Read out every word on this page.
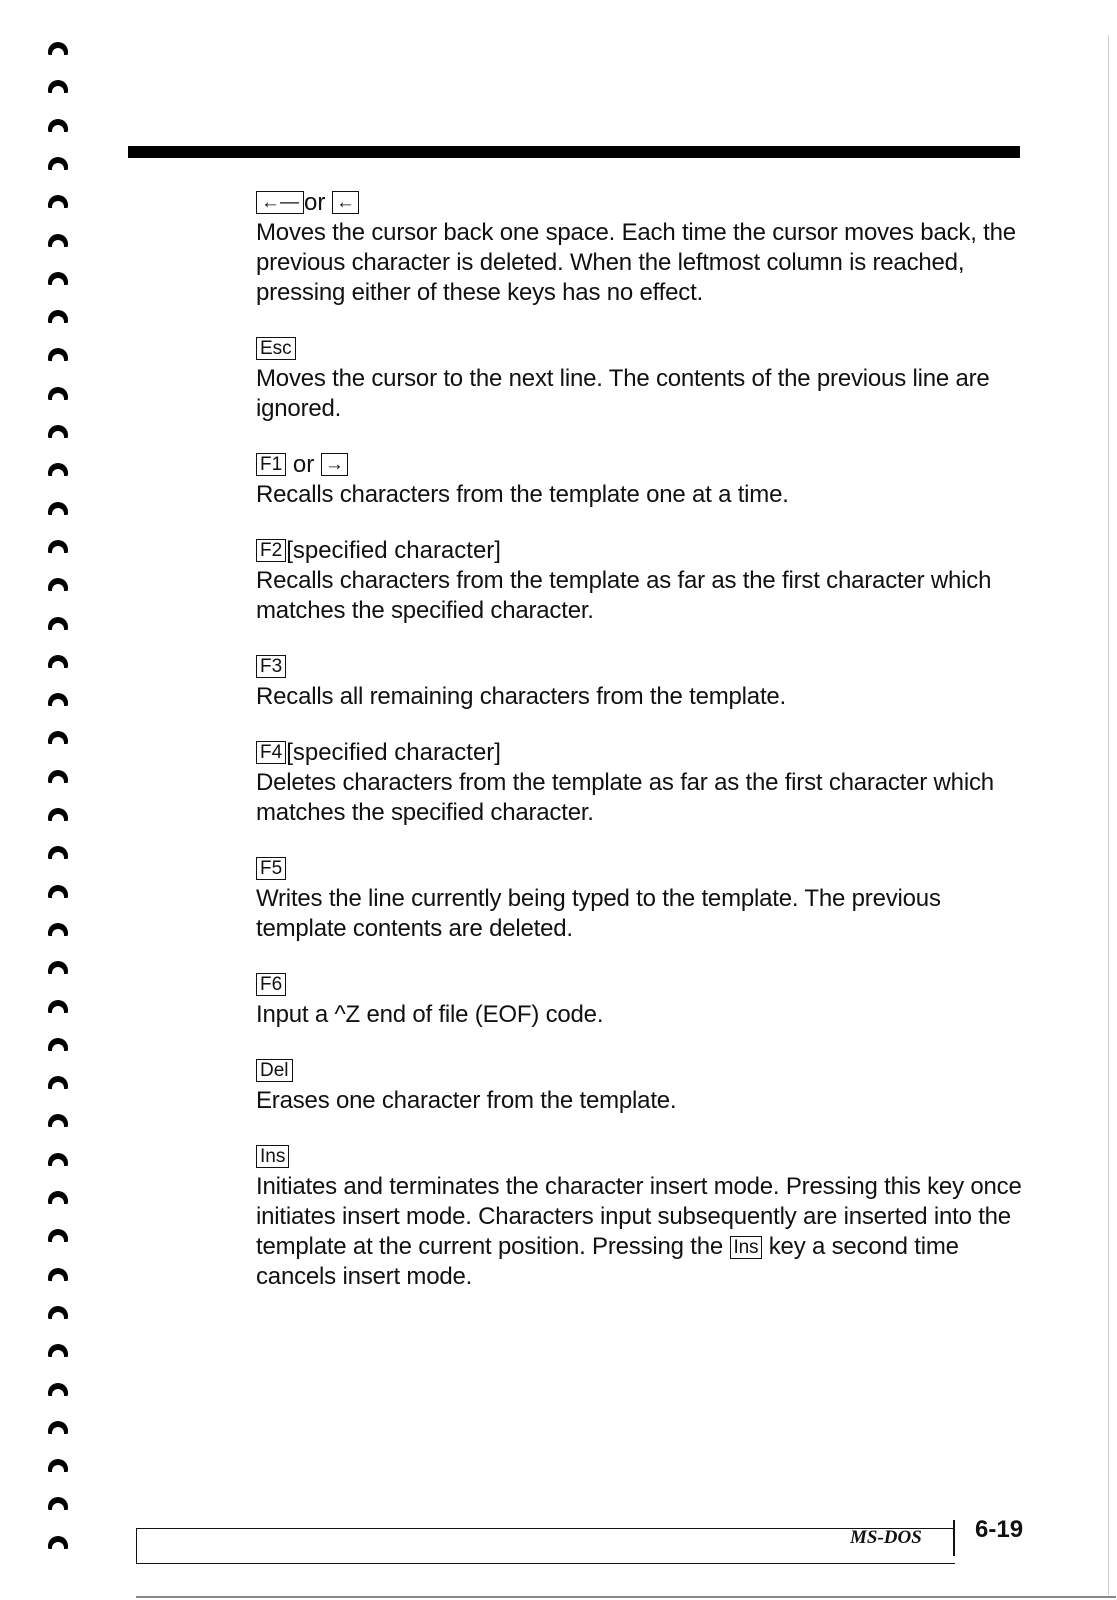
←— or ←

Moves the cursor back one space. Each time the cursor moves back, the previous character is deleted. When the leftmost column is reached, pressing either of these keys has no effect.

Esc

Moves the cursor to the next line. The contents of the previous line are ignored.

F1 or →

Recalls characters from the template one at a time.

F2 [specified character]

Recalls characters from the template as far as the first character which matches the specified character.

F3

Recalls all remaining characters from the template.

F4 [specified character]

Deletes characters from the template as far as the first character which matches the specified character.

F5

Writes the line currently being typed to the template. The previous template contents are deleted.

F6

Input a ^Z end of file (EOF) code.

Del

Erases one character from the template.

Ins

Initiates and terminates the character insert mode. Pressing this key once initiates insert mode. Characters input subsequently are inserted into the template at the current position. Pressing the Ins key a second time cancels insert mode.

MS-DOS 6-19
